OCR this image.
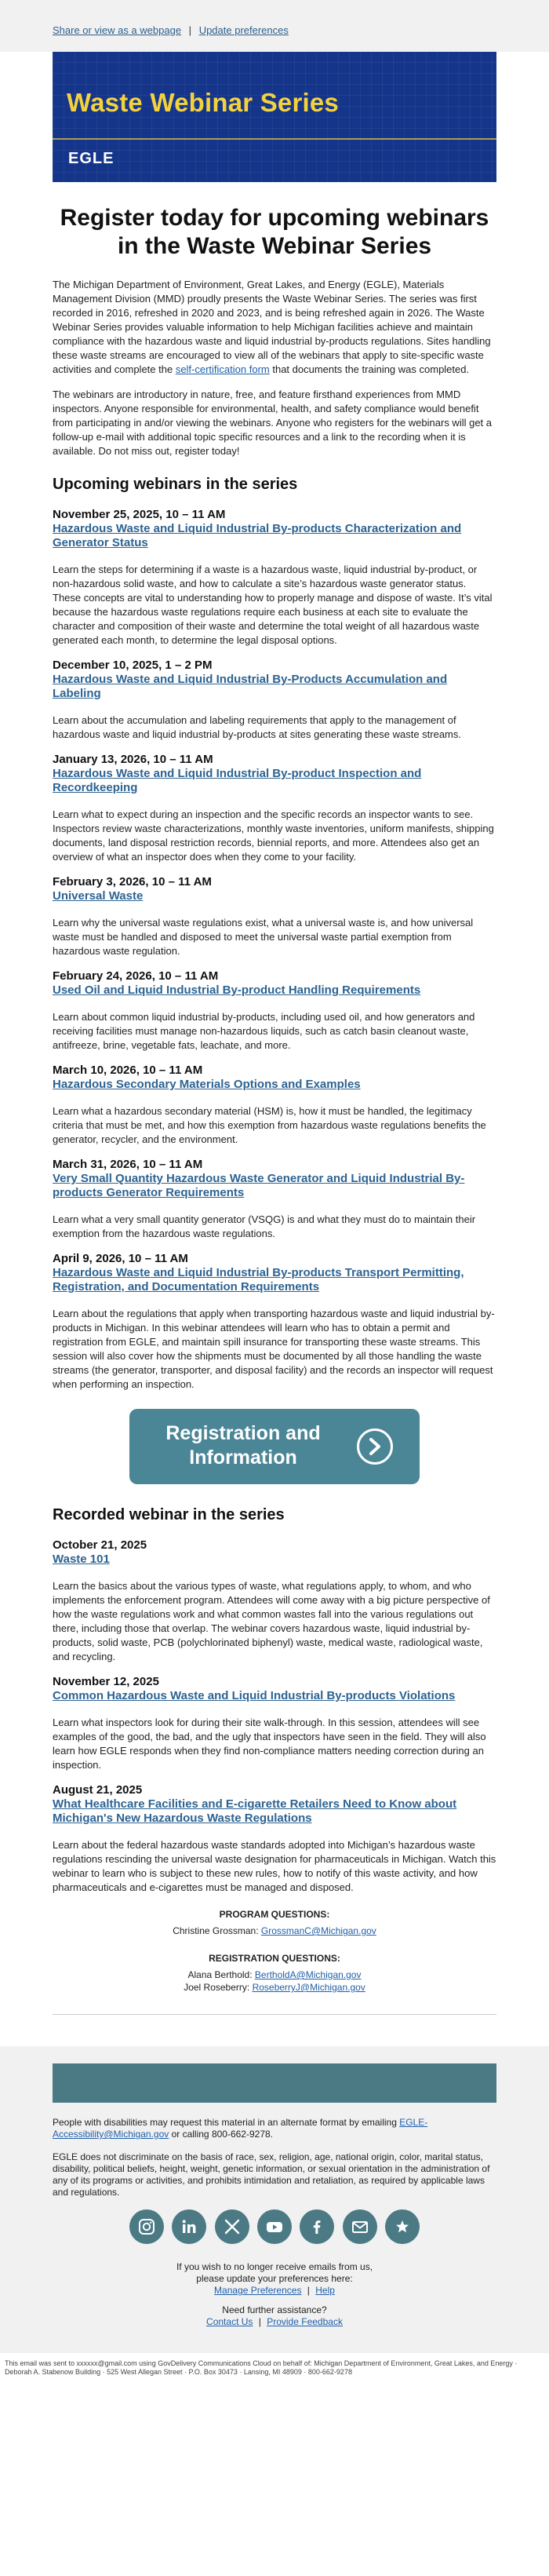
Share or view as a webpage | Update preferences
Waste Webinar Series
EGLE
Register today for upcoming webinars in the Waste Webinar Series

The Michigan Department of Environment, Great Lakes, and Energy (EGLE), Materials Management Division (MMD) proudly presents the Waste Webinar Series. The series was first recorded in 2016, refreshed in 2020 and 2023, and is being refreshed again in 2026. The Waste Webinar Series provides valuable information to help Michigan facilities achieve and maintain compliance with the hazardous waste and liquid industrial by-products regulations. Sites handling these waste streams are encouraged to view all of the webinars that apply to site-specific waste activities and complete the self-certification form that documents the training was completed.

The webinars are introductory in nature, free, and feature firsthand experiences from MMD inspectors. Anyone responsible for environmental, health, and safety compliance would benefit from participating in and/or viewing the webinars. Anyone who registers for the webinars will get a follow-up e-mail with additional topic specific resources and a link to the recording when it is available. Do not miss out, register today!

Upcoming webinars in the series

November 25, 2025, 10 – 11 AM

Hazardous Waste and Liquid Industrial By-products Characterization and Generator Status

Learn the steps for determining if a waste is a hazardous waste, liquid industrial by-product, or non-hazardous solid waste, and how to calculate a site’s hazardous waste generator status. These concepts are vital to understanding how to properly manage and dispose of waste. It’s vital because the hazardous waste regulations require each business at each site to evaluate the character and composition of their waste and determine the total weight of all hazardous waste generated each month, to determine the legal disposal options.

December 10, 2025, 1 – 2 PM

Hazardous Waste and Liquid Industrial By-Products Accumulation and Labeling

Learn about the accumulation and labeling requirements that apply to the management of hazardous waste and liquid industrial by-products at sites generating these waste streams.

January 13, 2026, 10 – 11 AM

Hazardous Waste and Liquid Industrial By-product Inspection and Recordkeeping

Learn what to expect during an inspection and the specific records an inspector wants to see. Inspectors review waste characterizations, monthly waste inventories, uniform manifests, shipping documents, land disposal restriction records, biennial reports, and more. Attendees also get an overview of what an inspector does when they come to your facility.

February 3, 2026, 10 – 11 AM

Universal Waste

Learn why the universal waste regulations exist, what a universal waste is, and how universal waste must be handled and disposed to meet the universal waste partial exemption from hazardous waste regulation.

February 24, 2026, 10 – 11 AM

Used Oil and Liquid Industrial By-product Handling Requirements

Learn about common liquid industrial by-products, including used oil, and how generators and receiving facilities must manage non-hazardous liquids, such as catch basin cleanout waste, antifreeze, brine, vegetable fats, leachate, and more.

March 10, 2026, 10 – 11 AM

Hazardous Secondary Materials Options and Examples

Learn what a hazardous secondary material (HSM) is, how it must be handled, the legitimacy criteria that must be met, and how this exemption from hazardous waste regulations benefits the generator, recycler, and the environment.

March 31, 2026, 10 – 11 AM

Very Small Quantity Hazardous Waste Generator and Liquid Industrial By-products Generator Requirements

Learn what a very small quantity generator (VSQG) is and what they must do to maintain their exemption from the hazardous waste regulations.

April 9, 2026, 10 – 11 AM

Hazardous Waste and Liquid Industrial By-products Transport Permitting, Registration, and Documentation Requirements

Learn about the regulations that apply when transporting hazardous waste and liquid industrial by-products in Michigan. In this webinar attendees will learn who has to obtain a permit and registration from EGLE, and maintain spill insurance for transporting these waste streams. This session will also cover how the shipments must be documented by all those handling the waste streams (the generator, transporter, and disposal facility) and the records an inspector will request when performing an inspection.

Registration and
Information
Recorded webinar in the series

October 21, 2025

Waste 101

Learn the basics about the various types of waste, what regulations apply, to whom, and who implements the enforcement program. Attendees will come away with a big picture perspective of how the waste regulations work and what common wastes fall into the various regulations out there, including those that overlap. The webinar covers hazardous waste, liquid industrial by-products, solid waste, PCB (polychlorinated biphenyl) waste, medical waste, radiological waste, and recycling.

November 12, 2025

Common Hazardous Waste and Liquid Industrial By-products Violations

Learn what inspectors look for during their site walk-through. In this session, attendees will see examples of the good, the bad, and the ugly that inspectors have seen in the field. They will also learn how EGLE responds when they find non-compliance matters needing correction during an inspection.

August 21, 2025

What Healthcare Facilities and E-cigarette Retailers Need to Know about Michigan's New Hazardous Waste Regulations

Learn about the federal hazardous waste standards adopted into Michigan’s hazardous waste regulations rescinding the universal waste designation for pharmaceuticals in Michigan. Watch this webinar to learn who is subject to these new rules, how to notify of this waste activity, and how pharmaceuticals and e-cigarettes must be managed and disposed.

PROGRAM QUESTIONS:

Christine Grossman: GrossmanC@Michigan.gov

REGISTRATION QUESTIONS:

Alana Berthold: BertholdA@Michigan.gov

Joel Roseberry: RoseberryJ@Michigan.gov

People with disabilities may request this material in an alternate format by emailing EGLE-Accessibility@Michigan.gov or calling 800-662-9278.

EGLE does not discriminate on the basis of race, sex, religion, age, national origin, color, marital status, disability, political beliefs, height, weight, genetic information, or sexual orientation in the administration of any of its programs or activities, and prohibits intimidation and retaliation, as required by applicable laws and regulations.

If you wish to no longer receive emails from us,
please update your preferences here:
Manage Preferences | Help

Need further assistance?
Contact Us | Provide Feedback

This email was sent to xxxxxx@gmail.com using GovDelivery Communications Cloud on behalf of: Michigan Department of Environment, Great Lakes, and Energy · Deborah A. Stabenow Building · 525 West Allegan Street · P.O. Box 30473 · Lansing, MI 48909 · 800-662-9278
